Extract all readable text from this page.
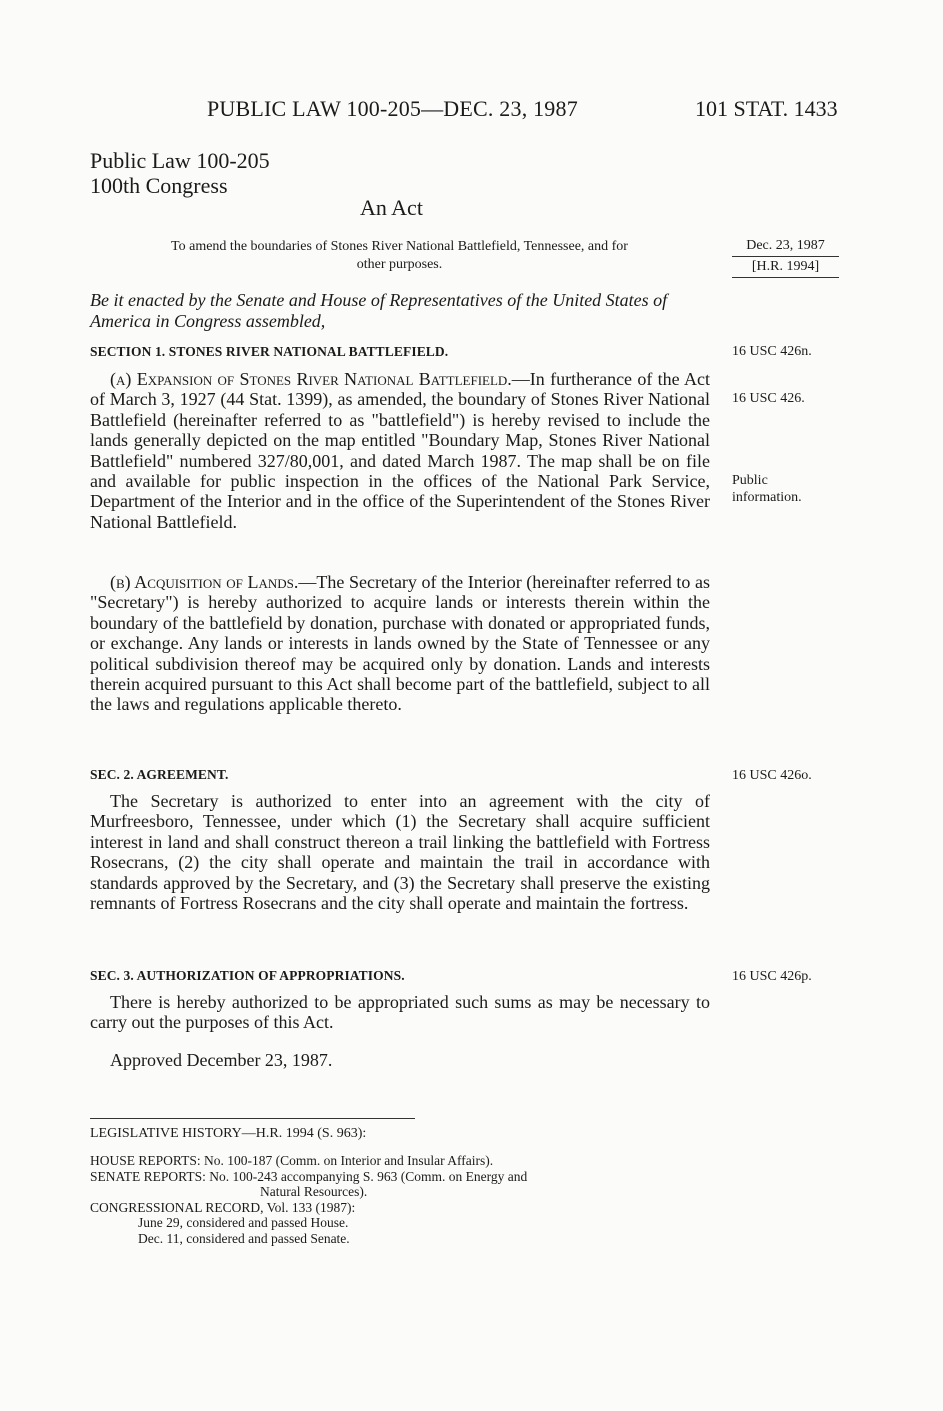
PUBLIC LAW 100-205—DEC. 23, 1987	101 STAT. 1433
Public Law 100-205
100th Congress
An Act
To amend the boundaries of Stones River National Battlefield, Tennessee, and for
other purposes.
Dec. 23, 1987
[H.R. 1994]
Be it enacted by the Senate and House of Representatives of the United States of America in Congress assembled,
SECTION 1. STONES RIVER NATIONAL BATTLEFIELD.	16 USC 426n.

(a) Expansion of Stones River National Battlefield.—In furtherance of the Act of March 3, 1927 (44 Stat. 1399), as amended, the boundary of Stones River National Battlefield (hereinafter referred to as "battlefield") is hereby revised to include the lands generally depicted on the map entitled "Boundary Map, Stones River National Battlefield" numbered 327/80,001, and dated March 1987. The map shall be on file and available for public inspection in the offices of the National Park Service, Department of the Interior and in the office of the Superintendent of the Stones River National Battlefield.

16 USC 426.
Public
information.

(b) Acquisition of Lands.—The Secretary of the Interior (hereinafter referred to as "Secretary") is hereby authorized to acquire lands or interests therein within the boundary of the battlefield by donation, purchase with donated or appropriated funds, or exchange. Any lands or interests in lands owned by the State of Tennessee or any political subdivision thereof may be acquired only by donation. Lands and interests therein acquired pursuant to this Act shall become part of the battlefield, subject to all the laws and regulations applicable thereto.

SEC. 2. AGREEMENT.	16 USC 426o.

The Secretary is authorized to enter into an agreement with the city of Murfreesboro, Tennessee, under which (1) the Secretary shall acquire sufficient interest in land and shall construct thereon a trail linking the battlefield with Fortress Rosecrans, (2) the city shall operate and maintain the trail in accordance with standards approved by the Secretary, and (3) the Secretary shall preserve the existing remnants of Fortress Rosecrans and the city shall operate and maintain the fortress.

SEC. 3. AUTHORIZATION OF APPROPRIATIONS.	16 USC 426p.

There is hereby authorized to be appropriated such sums as may be necessary to carry out the purposes of this Act.

Approved December 23, 1987.
LEGISLATIVE HISTORY—H.R. 1994 (S. 963):
HOUSE REPORTS: No. 100-187 (Comm. on Interior and Insular Affairs).
SENATE REPORTS: No. 100-243 accompanying S. 963 (Comm. on Energy and
Natural Resources).
CONGRESSIONAL RECORD, Vol. 133 (1987):
June 29, considered and passed House.
Dec. 11, considered and passed Senate.
